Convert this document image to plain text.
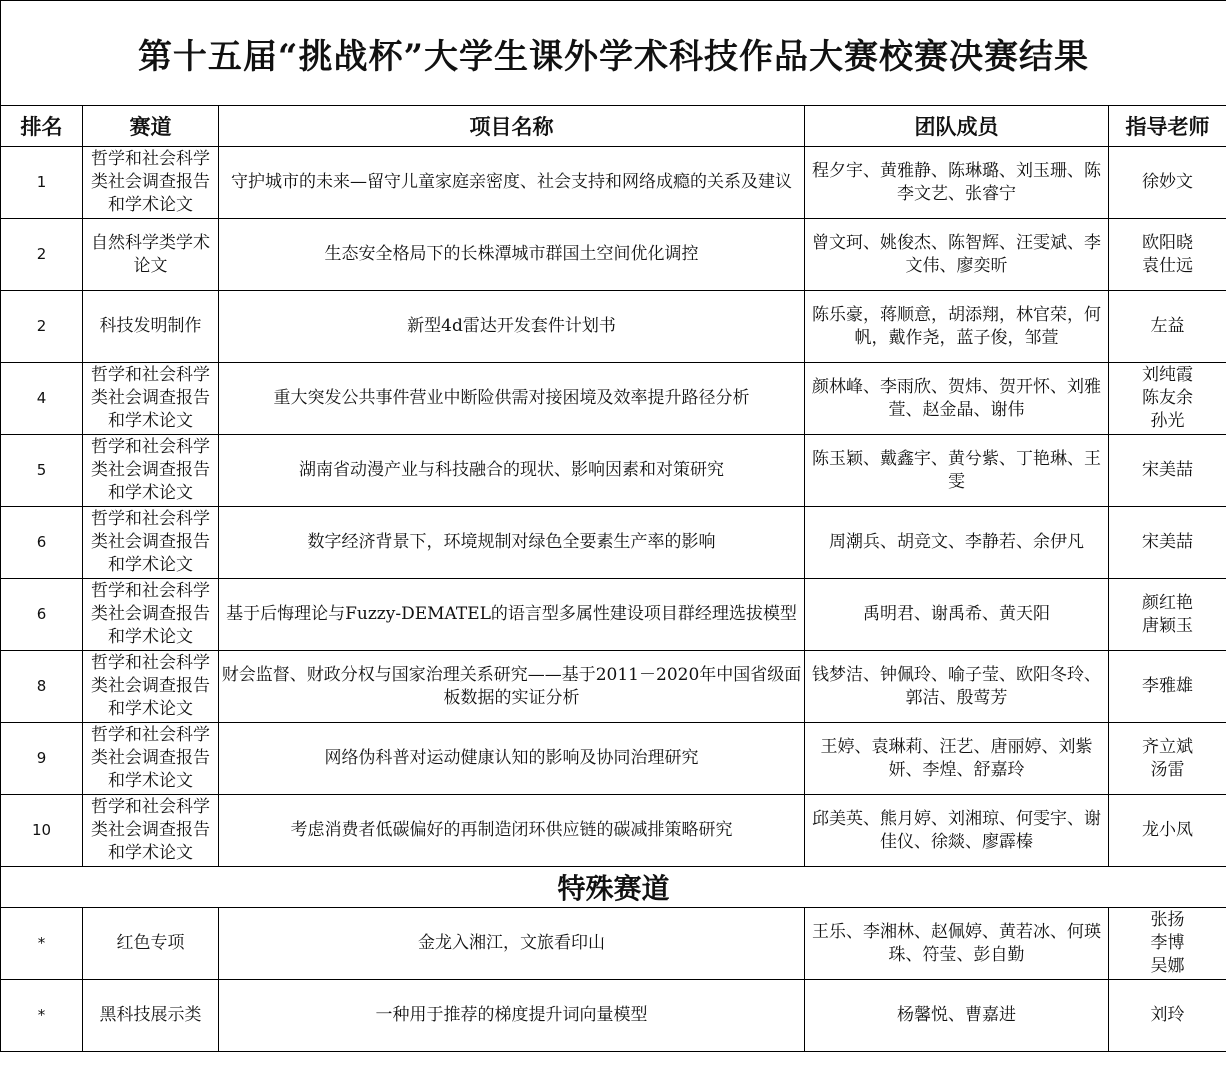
第十五届“挑战杯”大学生课外学术科技作品大赛校赛决赛结果				
排名	赛道	项目名称	团队成员	指导老师
1	哲学和社会科学类社会调查报告和学术论文	守护城市的未来—留守儿童家庭亲密度、社会支持和网络成瘾的关系及建议	程夕宇、黄雅静、陈琳璐、刘玉珊、陈李文艺、张睿宁	徐妙文
2	自然科学类学术论文	生态安全格局下的长株潭城市群国土空间优化调控	曾文珂、姚俊杰、陈智辉、汪雯斌、李文伟、廖奕昕	欧阳晓
袁仕远
2	科技发明制作	新型4d雷达开发套件计划书	陈乐豪，蒋顺意，胡添翔，林官荣，何帆，戴作尧，蓝子俊，邹萱	左益
4	哲学和社会科学类社会调查报告和学术论文	重大突发公共事件营业中断险供需对接困境及效率提升路径分析	颜林峰、李雨欣、贺炜、贺开怀、刘雅萱、赵金晶、谢伟	刘纯霞
陈友余
孙光
5	哲学和社会科学类社会调查报告和学术论文	湖南省动漫产业与科技融合的现状、影响因素和对策研究	陈玉颖、戴鑫宇、黄兮紫、丁艳琳、王雯	宋美喆
6	哲学和社会科学类社会调查报告和学术论文	数字经济背景下，环境规制对绿色全要素生产率的影响	周潮兵、胡竞文、李静若、余伊凡	宋美喆
6	哲学和社会科学类社会调查报告和学术论文	基于后悔理论与Fuzzy-DEMATEL的语言型多属性建设项目群经理选拔模型	禹明君、谢禹希、黄天阳	颜红艳
唐颖玉
8	哲学和社会科学类社会调查报告和学术论文	财会监督、财政分权与国家治理关系研究——基于2011－2020年中国省级面板数据的实证分析	钱梦洁、钟佩玲、喻子莹、欧阳冬玲、郭洁、殷莺芳	李雅雄
9	哲学和社会科学类社会调查报告和学术论文	网络伪科普对运动健康认知的影响及协同治理研究	王婷、袁琳莉、汪艺、唐丽婷、刘紫妍、李煌、舒嘉玲	齐立斌
汤雷
10	哲学和社会科学类社会调查报告和学术论文	考虑消费者低碳偏好的再制造闭环供应链的碳减排策略研究	邱美英、熊月婷、刘湘琼、何雯宇、谢佳仪、徐燚、廖霹榛	龙小凤
特殊赛道				
*	红色专项	金龙入湘江，文旅看印山	王乐、李湘林、赵佩婷、黄若冰、何瑛珠、符莹、彭自勤	张扬
李博
吴娜
*	黑科技展示类	一种用于推荐的梯度提升词向量模型	杨馨悦、曹嘉进	刘玲
